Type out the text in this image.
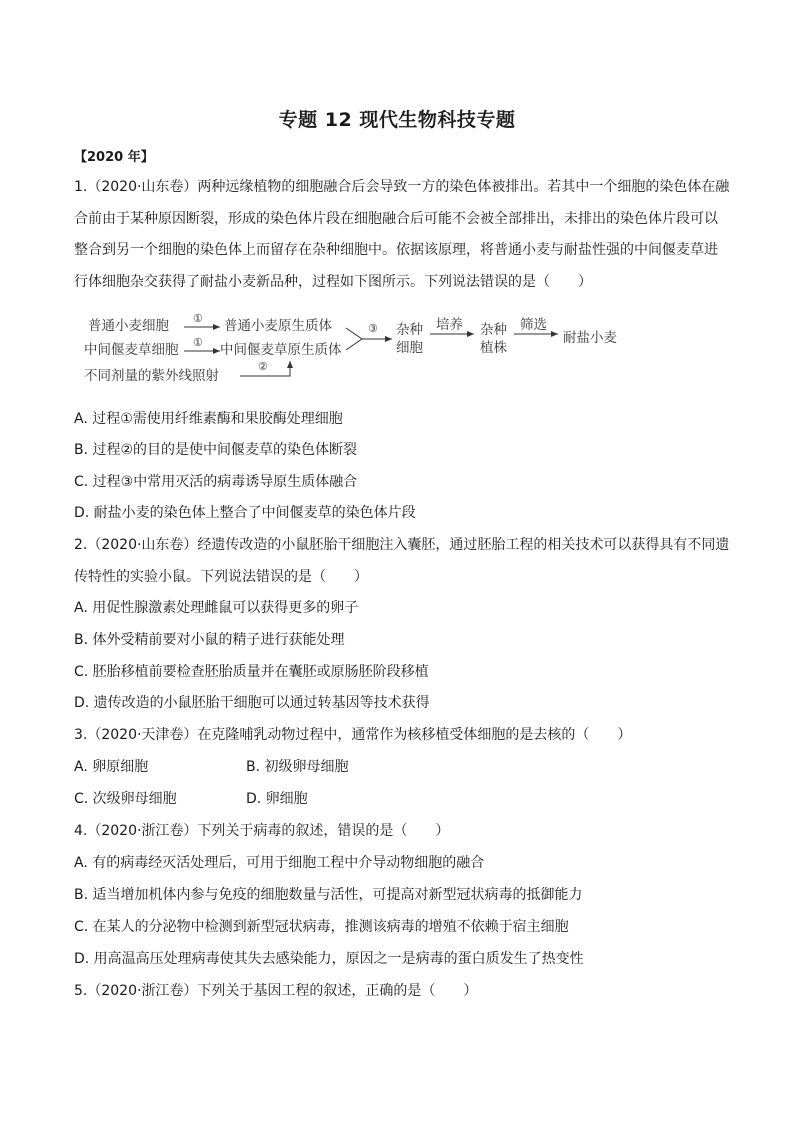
专题 12 现代生物科技专题
【2020 年】
1.（2020·山东卷）两种远缘植物的细胞融合后会导致一方的染色体被排出。若其中一个细胞的染色体在融
合前由于某种原因断裂，形成的染色体片段在细胞融合后可能不会被全部排出，未排出的染色体片段可以
整合到另一个细胞的染色体上而留存在杂种细胞中。依据该原理，将普通小麦与耐盐性强的中间偃麦草进
行体细胞杂交获得了耐盐小麦新品种，过程如下图所示。下列说法错误的是（　　）
普通小麦细胞
中间偃麦草细胞
不同剂量的紫外线照射
①
①
②
普通小麦原生质体
中间偃麦草原生质体
③ 杂种
细胞
培养 杂种
植株
筛选
耐盐小麦
A. 过程①需使用纤维素酶和果胶酶处理细胞
B. 过程②的目的是使中间偃麦草的染色体断裂
C. 过程③中常用灭活的病毒诱导原生质体融合
D. 耐盐小麦的染色体上整合了中间偃麦草的染色体片段
2.（2020·山东卷）经遗传改造的小鼠胚胎干细胞注入囊胚，通过胚胎工程的相关技术可以获得具有不同遗
传特性的实验小鼠。下列说法错误的是（　　）
A. 用促性腺激素处理雌鼠可以获得更多的卵子
B. 体外受精前要对小鼠的精子进行获能处理
C. 胚胎移植前要检查胚胎质量并在囊胚或原肠胚阶段移植
D. 遗传改造的小鼠胚胎干细胞可以通过转基因等技术获得
3.（2020·天津卷）在克隆哺乳动物过程中，通常作为核移植受体细胞的是去核的（　　）
A. 卵原细胞	B. 初级卵母细胞
C. 次级卵母细胞	D. 卵细胞
4.（2020·浙江卷）下列关于病毒的叙述，错误的是（　　）
A. 有的病毒经灭活处理后，可用于细胞工程中介导动物细胞的融合
B. 适当增加机体内参与免疫的细胞数量与活性，可提高对新型冠状病毒的抵御能力
C. 在某人的分泌物中检测到新型冠状病毒，推测该病毒的增殖不依赖于宿主细胞
D. 用高温高压处理病毒使其失去感染能力，原因之一是病毒的蛋白质发生了热变性
5.（2020·浙江卷）下列关于基因工程的叙述，正确的是（　　）
